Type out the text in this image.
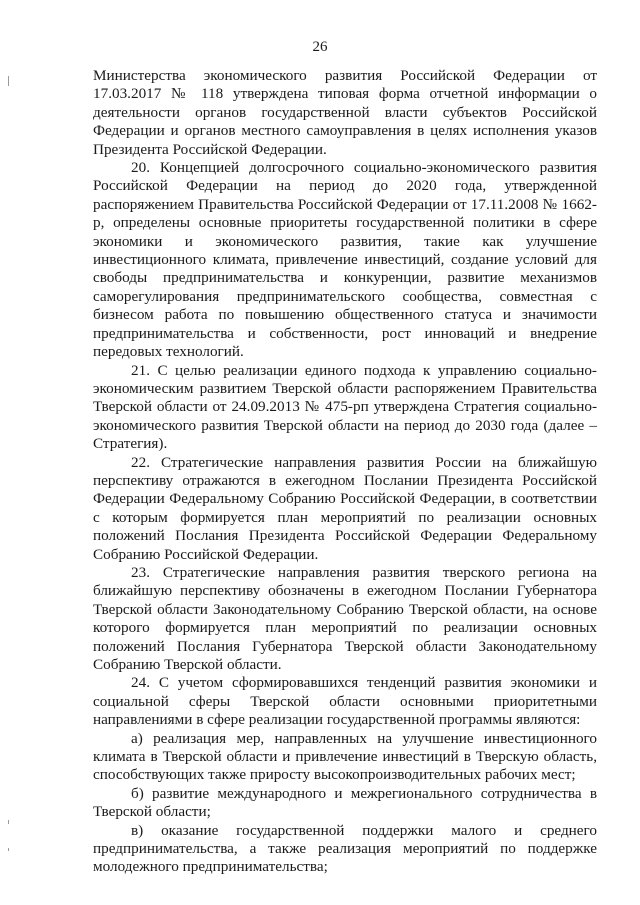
26

Министерства экономического развития Российской Федерации от 17.03.2017 № 118 утверждена типовая форма отчетной информации о деятельности органов государственной власти субъектов Российской Федерации и органов местного самоуправления в целях исполнения указов Президента Российской Федерации.

20. Концепцией долгосрочного социально-экономического развития Российской Федерации на период до 2020 года, утвержденной распоряжением Правительства Российской Федерации от 17.11.2008 № 1662-р, определены основные приоритеты государственной политики в сфере экономики и экономического развития, такие как улучшение инвестиционного климата, привлечение инвестиций, создание условий для свободы предпринимательства и конкуренции, развитие механизмов саморегулирования предпринимательского сообщества, совместная с бизнесом работа по повышению общественного статуса и значимости предпринимательства и собственности, рост инноваций и внедрение передовых технологий.

21. С целью реализации единого подхода к управлению социально-экономическим развитием Тверской области распоряжением Правительства Тверской области от 24.09.2013 № 475-рп утверждена Стратегия социально-экономического развития Тверской области на период до 2030 года (далее – Стратегия).

22. Стратегические направления развития России на ближайшую перспективу отражаются в ежегодном Послании Президента Российской Федерации Федеральному Собранию Российской Федерации, в соответствии с которым формируется план мероприятий по реализации основных положений Послания Президента Российской Федерации Федеральному Собранию Российской Федерации.

23. Стратегические направления развития тверского региона на ближайшую перспективу обозначены в ежегодном Послании Губернатора Тверской области Законодательному Собранию Тверской области, на основе которого формируется план мероприятий по реализации основных положений Послания Губернатора Тверской области Законодательному Собранию Тверской области.

24. С учетом сформировавшихся тенденций развития экономики и социальной сферы Тверской области основными приоритетными направлениями в сфере реализации государственной программы являются:

а) реализация мер, направленных на улучшение инвестиционного климата в Тверской области и привлечение инвестиций в Тверскую область, способствующих также приросту высокопроизводительных рабочих мест;

б) развитие международного и межрегионального сотрудничества в Тверской области;

в) оказание государственной поддержки малого и среднего предпринимательства, а также реализация мероприятий по поддержке молодежного предпринимательства;
